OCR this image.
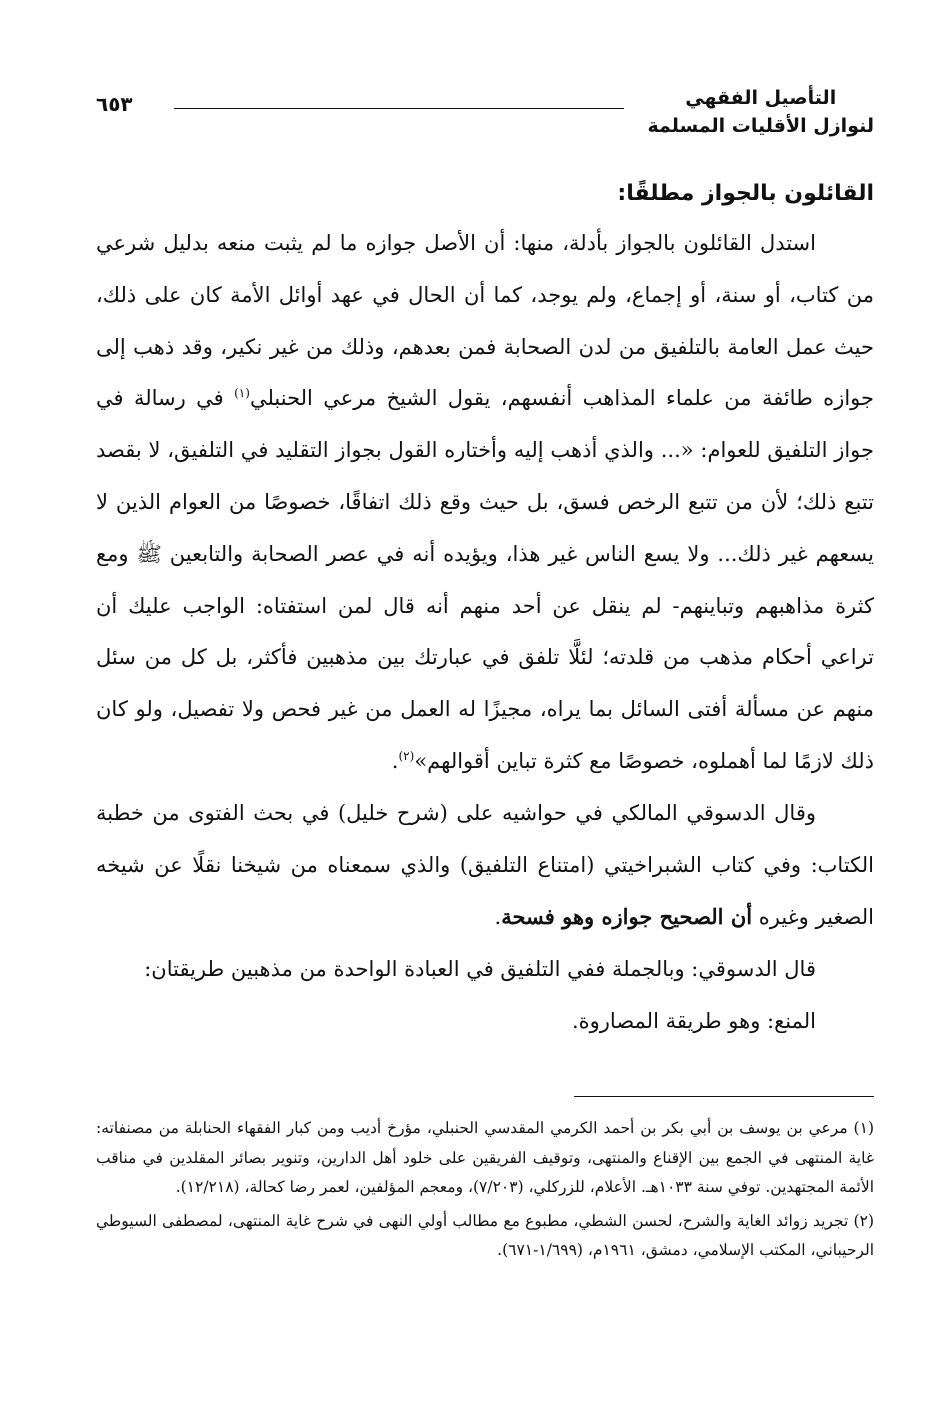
التأصيل الفقهي
لنوازل الأقليات المسلمة
٦٥٣
القائلون بالجواز مطلقًا:

استدل القائلون بالجواز بأدلة، منها: أن الأصل جوازه ما لم يثبت منعه بدليل شرعي من كتاب، أو سنة، أو إجماع، ولم يوجد، كما أن الحال في عهد أوائل الأمة كان على ذلك، حيث عمل العامة بالتلفيق من لدن الصحابة فمن بعدهم، وذلك من غير نكير، وقد ذهب إلى جوازه طائفة من علماء المذاهب أنفسهم، يقول الشيخ مرعي الحنبلي$^{(١)}$ في رسالة في جواز التلفيق للعوام: «... والذي أذهب إليه وأختاره القول بجواز التقليد في التلفيق، لا بقصد تتبع ذلك؛ لأن من تتبع الرخص فسق، بل حيث وقع ذلك اتفاقًا، خصوصًا من العوام الذين لا يسعهم غير ذلك... ولا يسع الناس غير هذا، ويؤيده أنه في عصر الصحابة والتابعين ﷺ ومع كثرة مذاهبهم وتباينهم- لم ينقل عن أحد منهم أنه قال لمن استفتاه: الواجب عليك أن تراعي أحكام مذهب من قلدته؛ لئلَّا تلفق في عبارتك بين مذهبين فأكثر، بل كل من سئل منهم عن مسألة أفتى السائل بما يراه، مجيزًا له العمل من غير فحص ولا تفصيل، ولو كان ذلك لازمًا لما أهملوه، خصوصًا مع كثرة تباين أقوالهم»$^{(٢)}$.

وقال الدسوقي المالكي في حواشيه على (شرح خليل) في بحث الفتوى من خطبة الكتاب: وفي كتاب الشبراخيتي (امتناع التلفيق) والذي سمعناه من شيخنا نقلًا عن شيخه الصغير وغيره أن الصحيح جوازه وهو فسحة.

قال الدسوقي: وبالجملة ففي التلفيق في العبادة الواحدة من مذهبين طريقتان:

المنع: وهو طريقة المصاروة.

(١) مرعي بن يوسف بن أبي بكر بن أحمد الكرمي المقدسي الحنبلي، مؤرخ أديب ومن كبار الفقهاء الحنابلة من مصنفاته: غاية المنتهى في الجمع بين الإقناع والمنتهى، وتوقيف الفريقين على خلود أهل الدارين، وتنوير بصائر المقلدين في مناقب الأئمة المجتهدين. توفي سنة ١٠٣٣هـ. الأعلام، للزركلي، (٧/٢٠٣)، ومعجم المؤلفين، لعمر رضا كحالة، (١٢/٢١٨).

(٢) تجريد زوائد الغاية والشرح، لحسن الشطي، مطبوع مع مطالب أولي النهى في شرح غاية المنتهى، لمصطفى السيوطي الرحيباني، المكتب الإسلامي، دمشق، ١٩٦١م، (١/٦٩٩-٦٧١).
